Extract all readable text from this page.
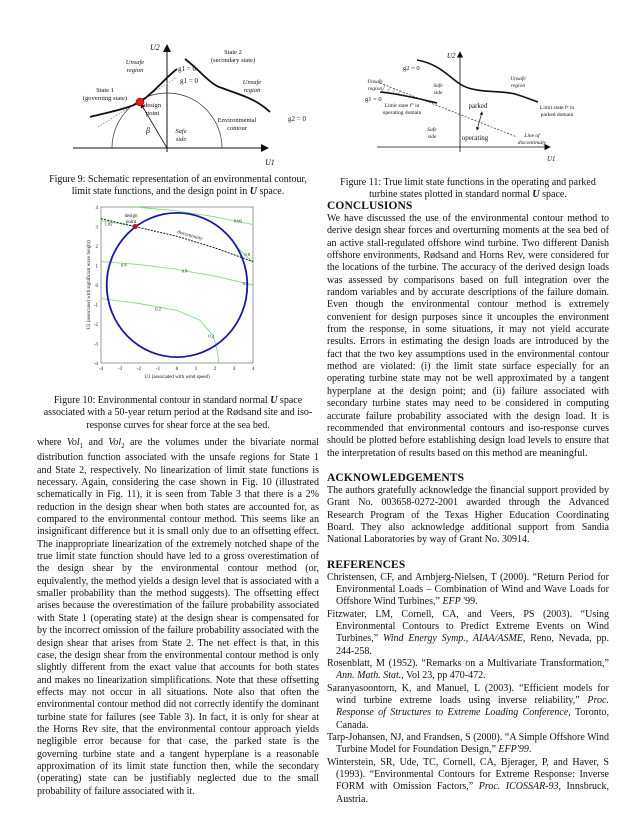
U2
U1
Unsafe
region
State 1
(governing state)
State 2
(secondary state)
Unsafe
region
g1 = 0
g1 = 0
g2 = 0
design
point
β	Safe
side
Environmental
contour
Figure 9: Schematic representation of an environmental contour,
limit state functions, and the design point in U space.
-4
-4
-3
-3
-2
-2
-1
-1
0
0
1
1
2
2
3
3
4
4
1.02
0.99
0.8
0.8
0.8
0.8
0.2
0.2
U1 (associated with wind speed)
U2 (associated with significant wave height)
design
point
discontinuity
Figure 10: Environmental contour in standard normal U space
associated with a 50-year return period at the Rødsand site and iso-
response curves for shear force at the sea bed.

where Vol$_1$ and Vol$_2$ are the volumes under the bivariate normal distribution function associated with the unsafe regions for State 1 and State 2, respectively. No linearization of limit state functions is necessary. Again, considering the case shown in Fig. 10 (illustrated schematically in Fig. 11), it is seen from Table 3 that there is a 2% reduction in the design shear when both states are accounted for, as compared to the environmental contour method. This seems like an insignificant difference but it is small only due to an offsetting effect. The inappropriate linearization of the extremely notched shape of the true limit state function should have led to a gross overestimation of the design shear by the environmental contour method (or, equivalently, the method yields a design level that is associated with a smaller probability than the method suggests). The offsetting effect arises because the overestimation of the failure probability associated with State 1 (operating state) at the design shear is compensated for by the incorrect omission of the failure probability associated with the design shear that arises from State 2. The net effect is that, in this case, the design shear from the environmental contour method is only slightly different from the exact value that accounts for both states and makes no linearization simplifications. Note that these offsetting effects may not occur in all situations. Note also that often the environmental contour method did not correctly identify the dominant turbine state for failures (see Table 3). In fact, it is only for shear at the Horns Rev site, that the environmental contour approach yields negligible error because for that case, the parked state is the governing turbine state and a tangent hyperplane is a reasonable approximation of its limit state function then, while the secondary (operating) state can be justifiably neglected due to the small probability of failure associated with it.

U2
U1
g2 = 0
g1 = 0
Unsafe
region
Unsafe
region
Safe
side
Safe
side
Limit state f° in
operating domain
Limit state fᵖ in
parked domain
parked
operating	Line of
discontinuity
Figure 11: True limit state functions in the operating and parked
turbine states plotted in standard normal U space.
CONCLUSIONS

We have discussed the use of the environmental contour method to derive design shear forces and overturning moments at the sea bed of an active stall-regulated offshore wind turbine. Two different Danish offshore environments, Rødsand and Horns Rev, were considered for the locations of the turbine. The accuracy of the derived design loads was assessed by comparisons based on full integration over the random variables and by accurate descriptions of the failure domain. Even though the environmental contour method is extremely convenient for design purposes since it uncouples the environment from the response, in some situations, it may not yield accurate results. Errors in estimating the design loads are introduced by the fact that the two key assumptions used in the environmental contour method are violated: (i) the limit state surface especially for an operating turbine state may not be well approximated by a tangent hyperplane at the design point; and (ii) failure associated with secondary turbine states may need to be considered in computing accurate failure probability associated with the design load. It is recommended that environmental contours and iso-response curves should be plotted before establishing design load levels to ensure that the interpretation of results based on this method are meaningful.

ACKNOWLEDGEMENTS

The authors gratefully acknowledge the financial support provided by Grant No. 003658-0272-2001 awarded through the Advanced Research Program of the Texas Higher Education Coordinating Board. They also acknowledge additional support from Sandia National Laboratories by way of Grant No. 30914.

REFERENCES

Christensen, CF, and Arnbjerg-Nielsen, T (2000). “Return Period for Environmental Loads – Combination of Wind and Wave Loads for Offshore Wind Turbines,” EFP '99.

Fitzwater, LM, Cornell, CA, and Veers, PS (2003). “Using Environmental Contours to Predict Extreme Events on Wind Turbines,” Wind Energy Symp., AIAA/ASME, Reno, Nevada, pp. 244-258.

Rosenblatt, M (1952). “Remarks on a Multivariate Transformation,” Ann. Math. Stat., Vol 23, pp 470-472.

Saranyasoontorn, K, and Manuel, L (2003). “Efficient models for wind turbine extreme loads using inverse reliability,” Proc. Response of Structures to Extreme Loading Conference, Toronto, Canada.

Tarp-Johansen, NJ, and Frandsen, S (2000). “A Simple Offshore Wind Turbine Model for Foundation Design,” EFP'99.

Winterstein, SR, Ude, TC, Cornell, CA, Bjerager, P, and Haver, S (1993). “Environmental Contours for Extreme Response: Inverse FORM with Omission Factors,” Proc. ICOSSAR-93, Innsbruck, Austria.
